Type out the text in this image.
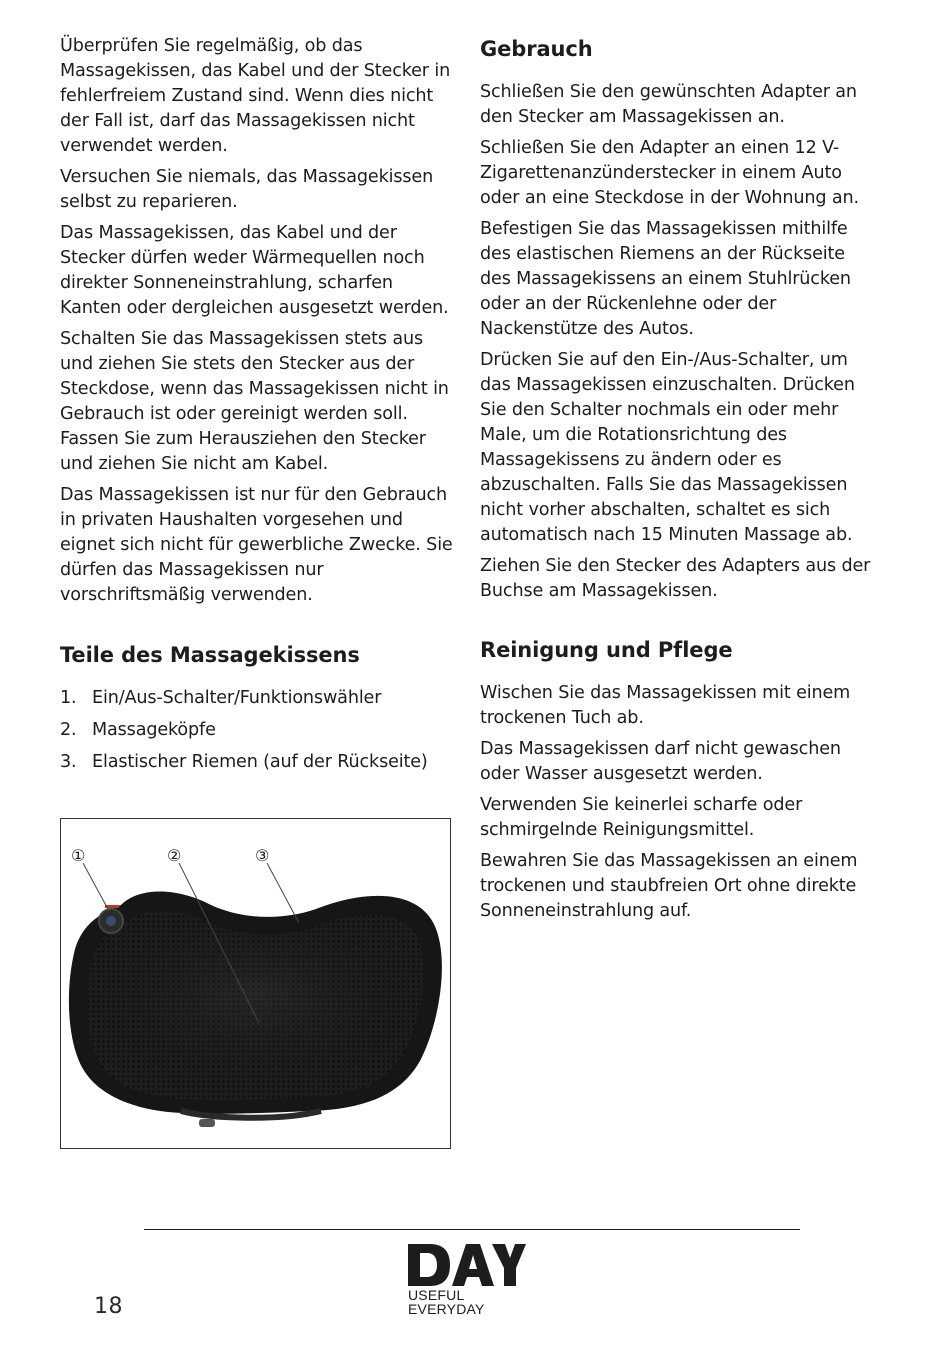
Überprüfen Sie regelmäßig, ob das Massagekissen, das Kabel und der Stecker in fehlerfreiem Zustand sind. Wenn dies nicht der Fall ist, darf das Massagekissen nicht verwendet werden.

Versuchen Sie niemals, das Massagekissen selbst zu reparieren.

Das Massagekissen, das Kabel und der Stecker dürfen weder Wärmequellen noch direkter Sonneneinstrahlung, scharfen Kanten oder dergleichen ausgesetzt werden.

Schalten Sie das Massagekissen stets aus und ziehen Sie stets den Stecker aus der Steckdose, wenn das Massagekissen nicht in Gebrauch ist oder gereinigt werden soll. Fassen Sie zum Herausziehen den Stecker und ziehen Sie nicht am Kabel.

Das Massagekissen ist nur für den Gebrauch in privaten Haushalten vorgesehen und eignet sich nicht für gewerbliche Zwecke. Sie dürfen das Massagekissen nur vorschriftsmäßig verwenden.

Teile des Massagekissens
1. Ein/Aus-Schalter/Funktionswähler
2. Massageköpfe
3. Elastischer Riemen (auf der Rückseite)
①	②	③
Gebrauch

Schließen Sie den gewünschten Adapter an den Stecker am Massagekissen an.

Schließen Sie den Adapter an einen 12 V-Zigarettenanzünderstecker in einem Auto oder an eine Steckdose in der Wohnung an.

Befestigen Sie das Massagekissen mithilfe des elastischen Riemens an der Rückseite des Massagekissens an einem Stuhlrücken oder an der Rückenlehne oder der Nackenstütze des Autos.

Drücken Sie auf den Ein-/Aus-Schalter, um das Massagekissen einzuschalten. Drücken Sie den Schalter nochmals ein oder mehr Male, um die Rotationsrichtung des Massagekissens zu ändern oder es abzuschalten. Falls Sie das Massagekissen nicht vorher abschalten, schaltet es sich automatisch nach 15 Minuten Massage ab.

Ziehen Sie den Stecker des Adapters aus der Buchse am Massagekissen.

Reinigung und Pflege

Wischen Sie das Massagekissen mit einem trockenen Tuch ab.

Das Massagekissen darf nicht gewaschen oder Wasser ausgesetzt werden.

Verwenden Sie keinerlei scharfe oder schmirgelnde Reinigungsmittel.

Bewahren Sie das Massagekissen an einem trockenen und staubfreien Ort ohne direkte Sonneneinstrahlung auf.

18	USEFUL
EVERYDAY
